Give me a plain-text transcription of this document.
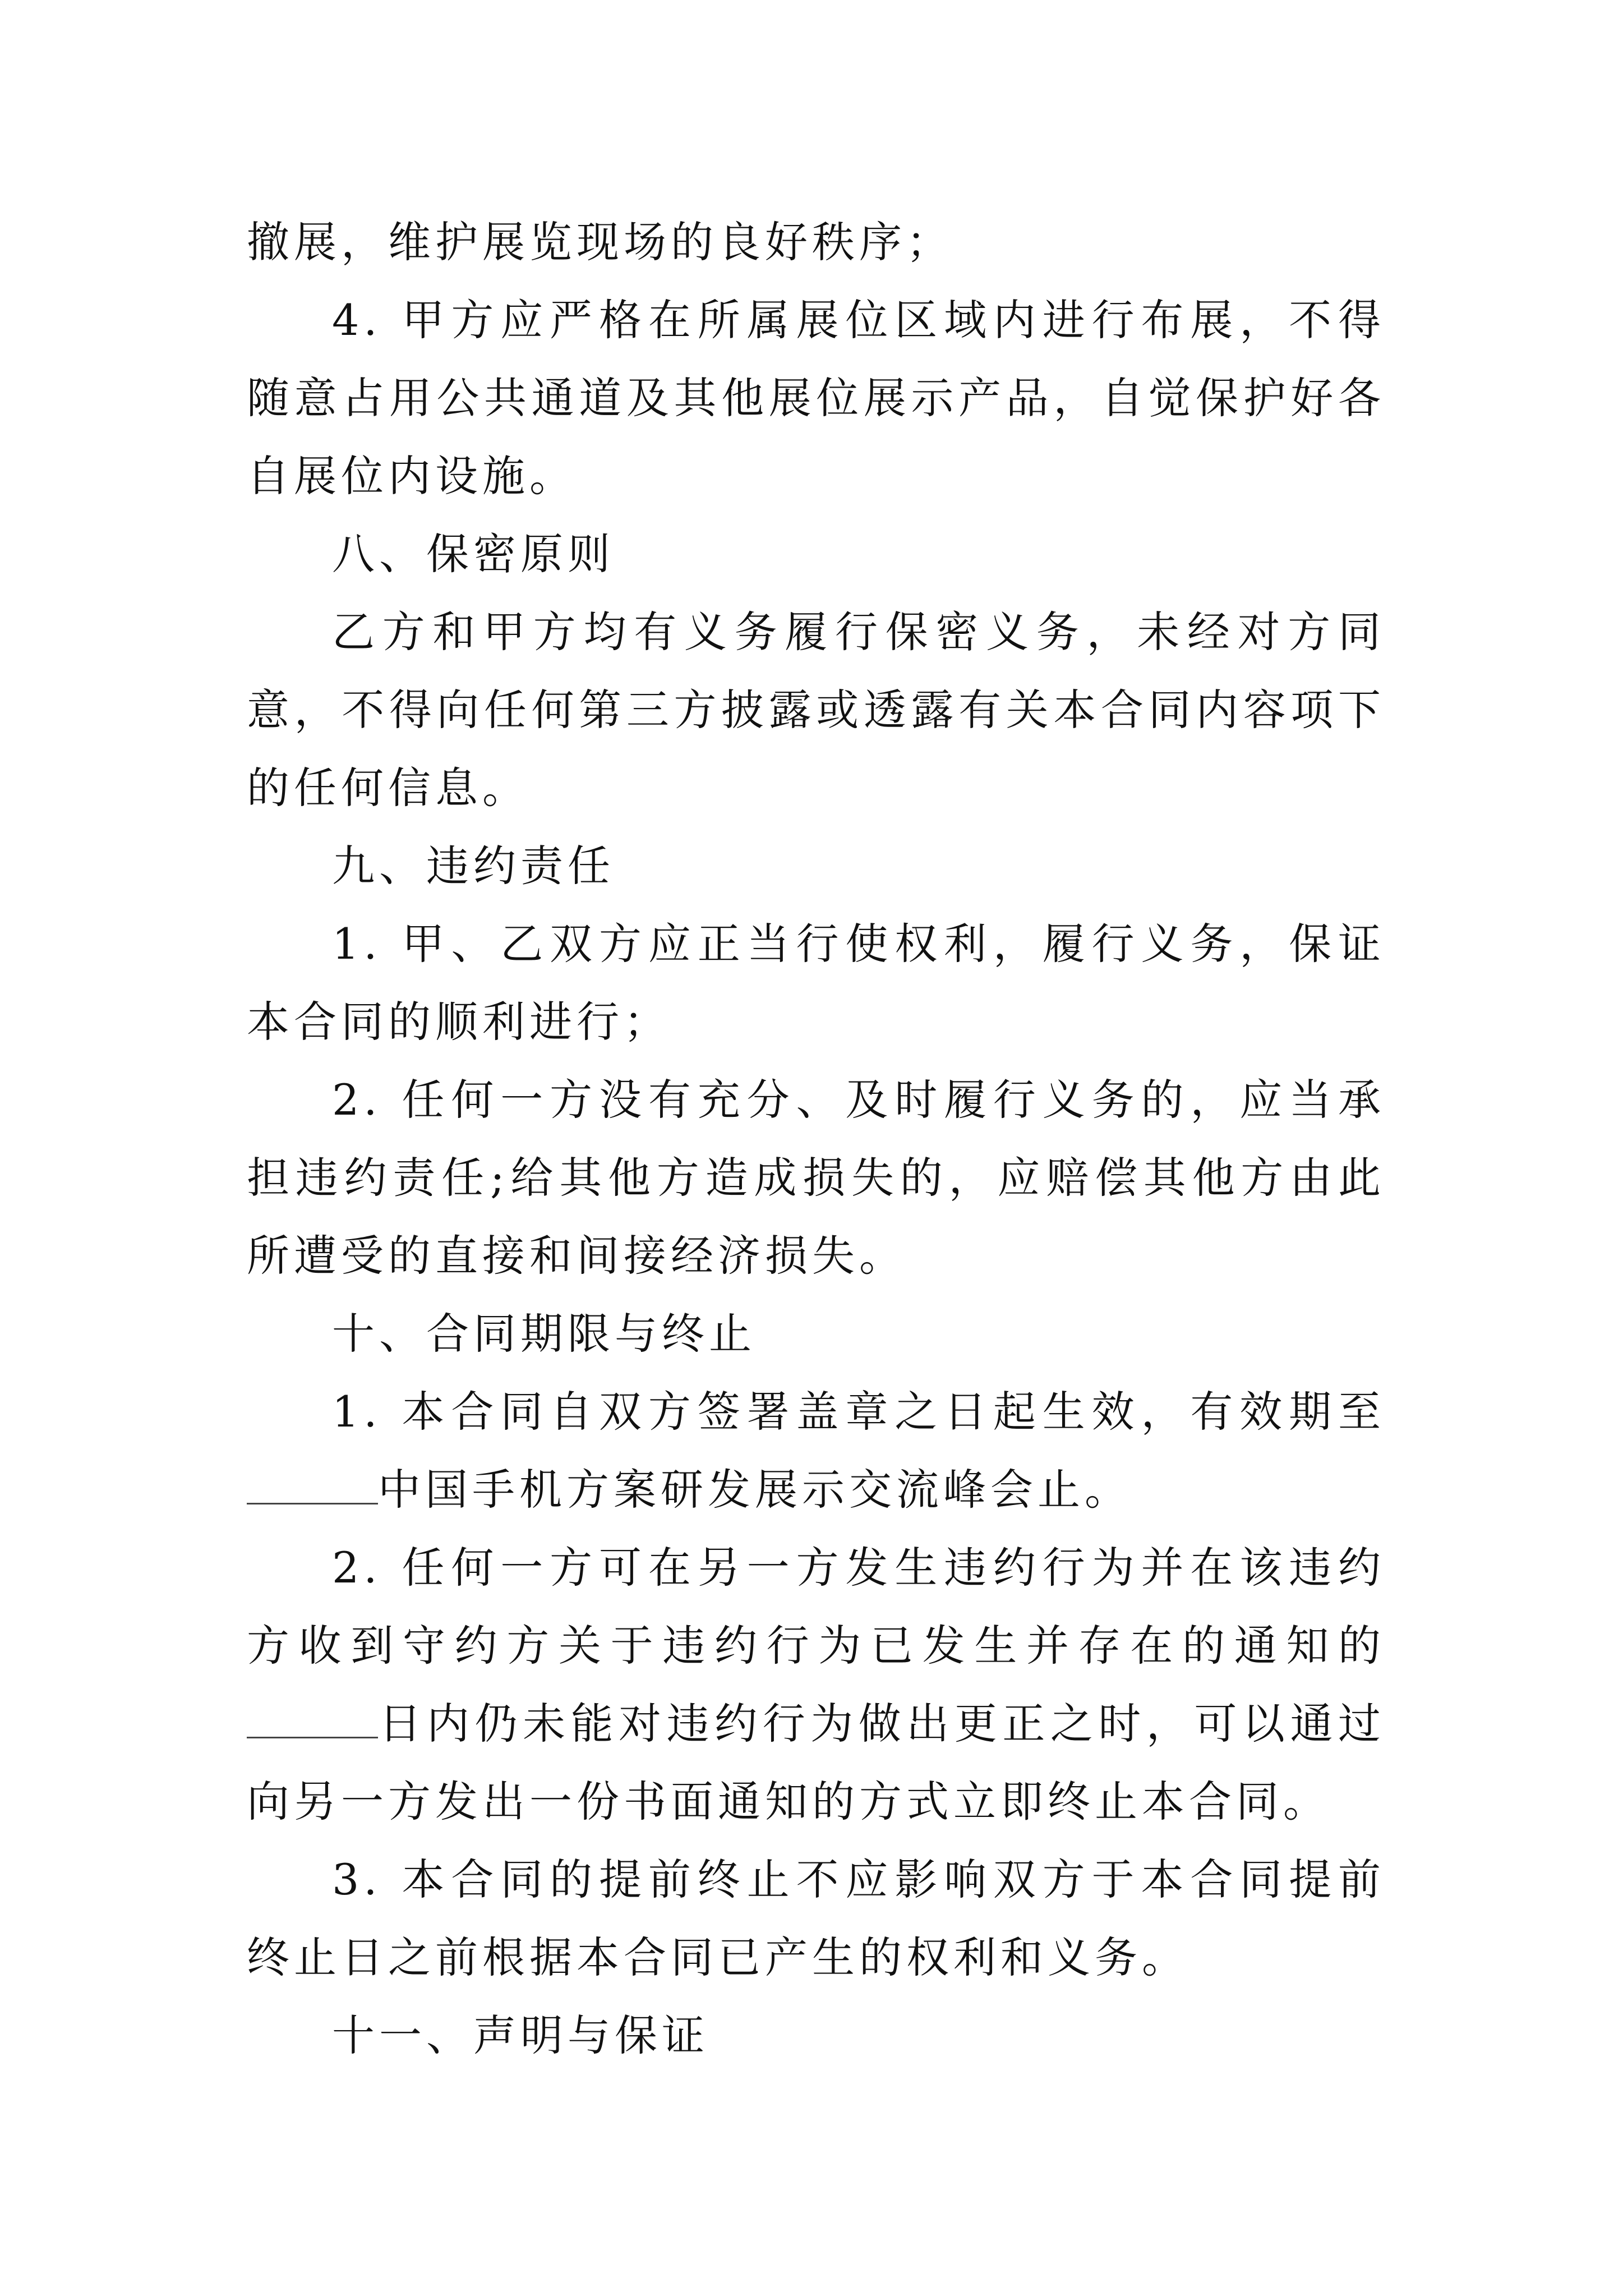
撤展，维护展览现场的良好秩序；

4. 甲方应严格在所属展位区域内进行布展，不得随意占用公共通道及其他展位展示产品，自觉保护好各自展位内设施。

八、保密原则

乙方和甲方均有义务履行保密义务，未经对方同意，不得向任何第三方披露或透露有关本合同内容项下的任何信息。

九、违约责任

1. 甲、乙双方应正当行使权利，履行义务，保证本合同的顺利进行；

2. 任何一方没有充分、及时履行义务的，应当承担违约责任;给其他方造成损失的，应赔偿其他方由此所遭受的直接和间接经济损失。

十、合同期限与终止

1. 本合同自双方签署盖章之日起生效，有效期至中国手机方案研发展示交流峰会止。

2. 任何一方可在另一方发生违约行为并在该违约方收到守约方关于违约行为已发生并存在的通知的日内仍未能对违约行为做出更正之时，可以通过向另一方发出一份书面通知的方式立即终止本合同。

3. 本合同的提前终止不应影响双方于本合同提前终止日之前根据本合同已产生的权利和义务。

十一、声明与保证
